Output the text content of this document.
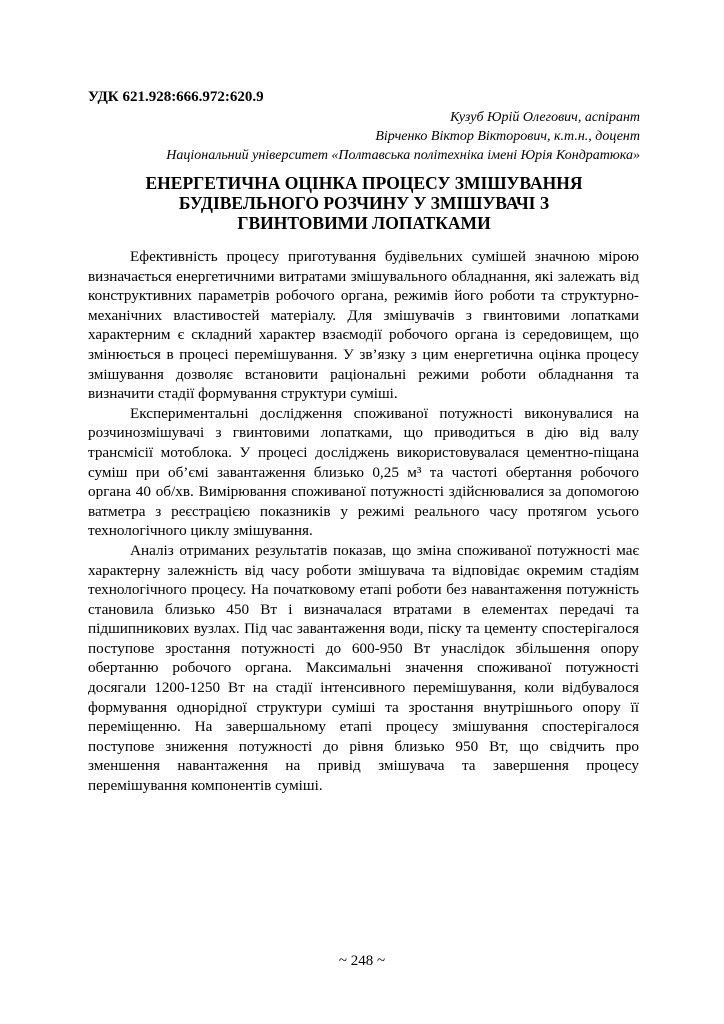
УДК 621.928:666.972:620.9
Кузуб Юрій Олегович, аспірант
Вірченко Віктор Вікторович, к.т.н., доцент
Національний університет «Полтавська політехніка імені Юрія Кондратюка»
ЕНЕРГЕТИЧНА ОЦІНКА ПРОЦЕСУ ЗМІШУВАННЯ
БУДІВЕЛЬНОГО РОЗЧИНУ У ЗМІШУВАЧІ З
ГВИНТОВИМИ ЛОПАТКАМИ

Ефективність процесу приготування будівельних сумішей значною мірою визначається енергетичними витратами змішувального обладнання, які залежать від конструктивних параметрів робочого органа, режимів його роботи та структурно-механічних властивостей матеріалу. Для змішувачів з гвинтовими лопатками характерним є складний характер взаємодії робочого органа із середовищем, що змінюється в процесі перемішування. У зв’язку з цим енергетична оцінка процесу змішування дозволяє встановити раціональні режими роботи обладнання та визначити стадії формування структури суміші.

Експериментальні дослідження споживаної потужності виконувалися на розчинозмішувачі з гвинтовими лопатками, що приводиться в дію від валу трансмісії мотоблока. У процесі досліджень використовувалася цементно-піщана суміш при об’ємі завантаження близько 0,25 м³ та частоті обертання робочого органа 40 об/хв. Вимірювання споживаної потужності здійснювалися за допомогою ватметра з реєстрацією показників у режимі реального часу протягом усього технологічного циклу змішування.

Аналіз отриманих результатів показав, що зміна споживаної потужності має характерну залежність від часу роботи змішувача та відповідає окремим стадіям технологічного процесу. На початковому етапі роботи без навантаження потужність становила близько 450 Вт і визначалася втратами в елементах передачі та підшипникових вузлах. Під час завантаження води, піску та цементу спостерігалося поступове зростання потужності до 600-950 Вт унаслідок збільшення опору обертанню робочого органа. Максимальні значення споживаної потужності досягали 1200-1250 Вт на стадії інтенсивного перемішування, коли відбувалося формування однорідної структури суміші та зростання внутрішнього опору її переміщенню. На завершальному етапі процесу змішування спостерігалося поступове зниження потужності до рівня близько 950 Вт, що свідчить про зменшення навантаження на привід змішувача та завершення процесу перемішування компонентів суміші.

~ 248 ~
